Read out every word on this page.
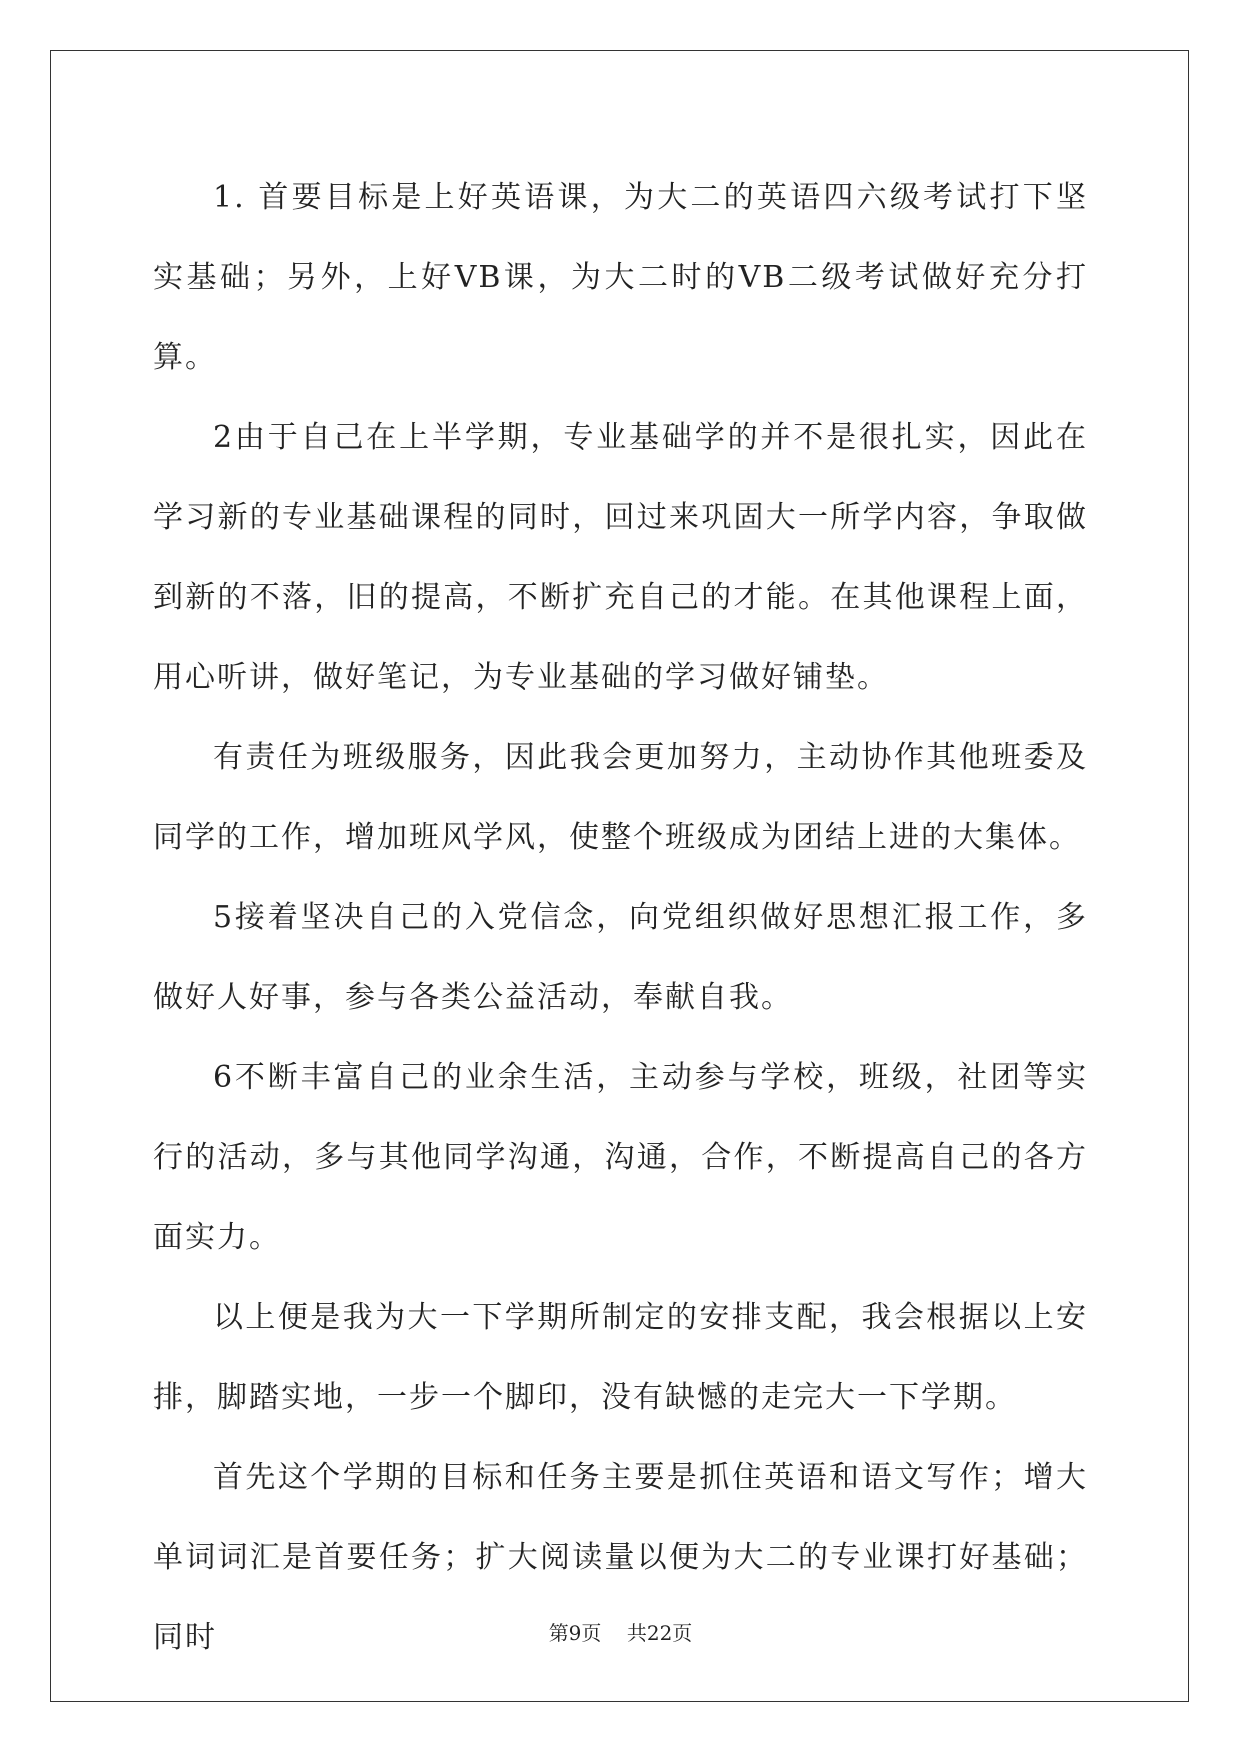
1. 首要目标是上好英语课，为大二的英语四六级考试打下坚实基础；另外，上好VB课，为大二时的VB二级考试做好充分打算。

2由于自己在上半学期，专业基础学的并不是很扎实，因此在学习新的专业基础课程的同时，回过来巩固大一所学内容，争取做到新的不落，旧的提高，不断扩充自己的才能。在其他课程上面，用心听讲，做好笔记，为专业基础的学习做好铺垫。

有责任为班级服务，因此我会更加努力，主动协作其他班委及同学的工作，增加班风学风，使整个班级成为团结上进的大集体。

5接着坚决自己的入党信念，向党组织做好思想汇报工作，多做好人好事，参与各类公益活动，奉献自我。

6不断丰富自己的业余生活，主动参与学校，班级，社团等实行的活动，多与其他同学沟通，沟通，合作，不断提高自己的各方面实力。

以上便是我为大一下学期所制定的安排支配，我会根据以上安排，脚踏实地，一步一个脚印，没有缺憾的走完大一下学期。

首先这个学期的目标和任务主要是抓住英语和语文写作；增大单词词汇是首要任务；扩大阅读量以便为大二的专业课打好基础；同时	第9页 共22页
